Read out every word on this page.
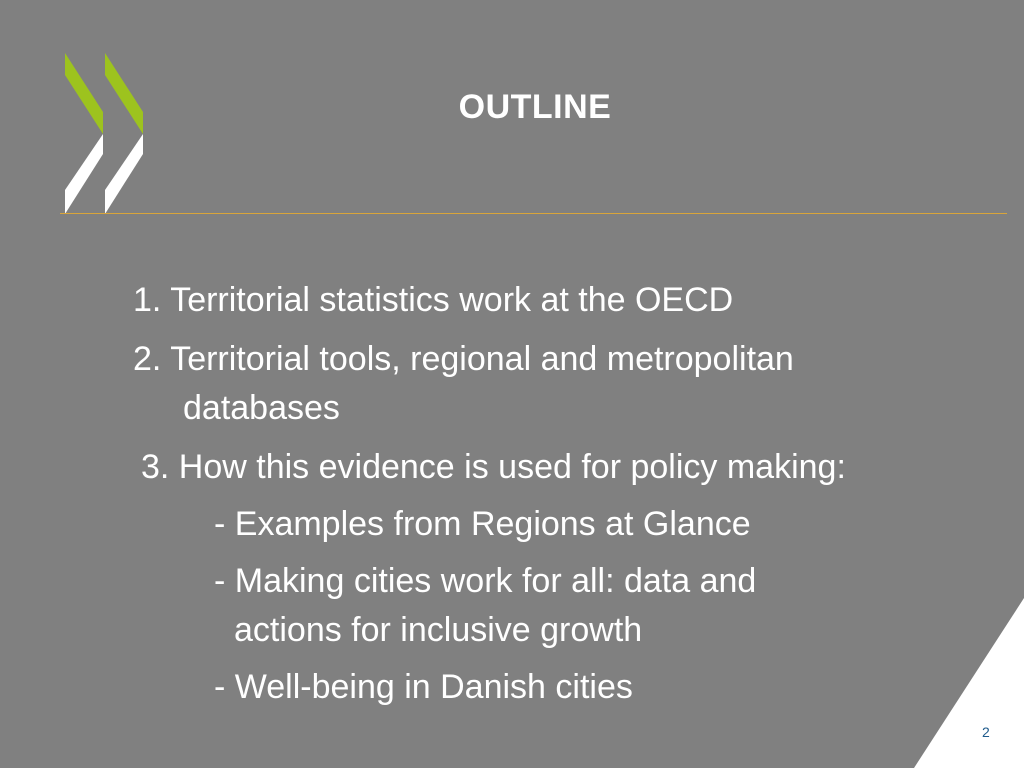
OUTLINE
1. Territorial statistics work at the OECD
2. Territorial tools, regional and metropolitan
databases
3. How this evidence is used for policy making:
- Examples from Regions at Glance
- Making cities work for all: data and
actions for inclusive growth
- Well-being in Danish cities
2
